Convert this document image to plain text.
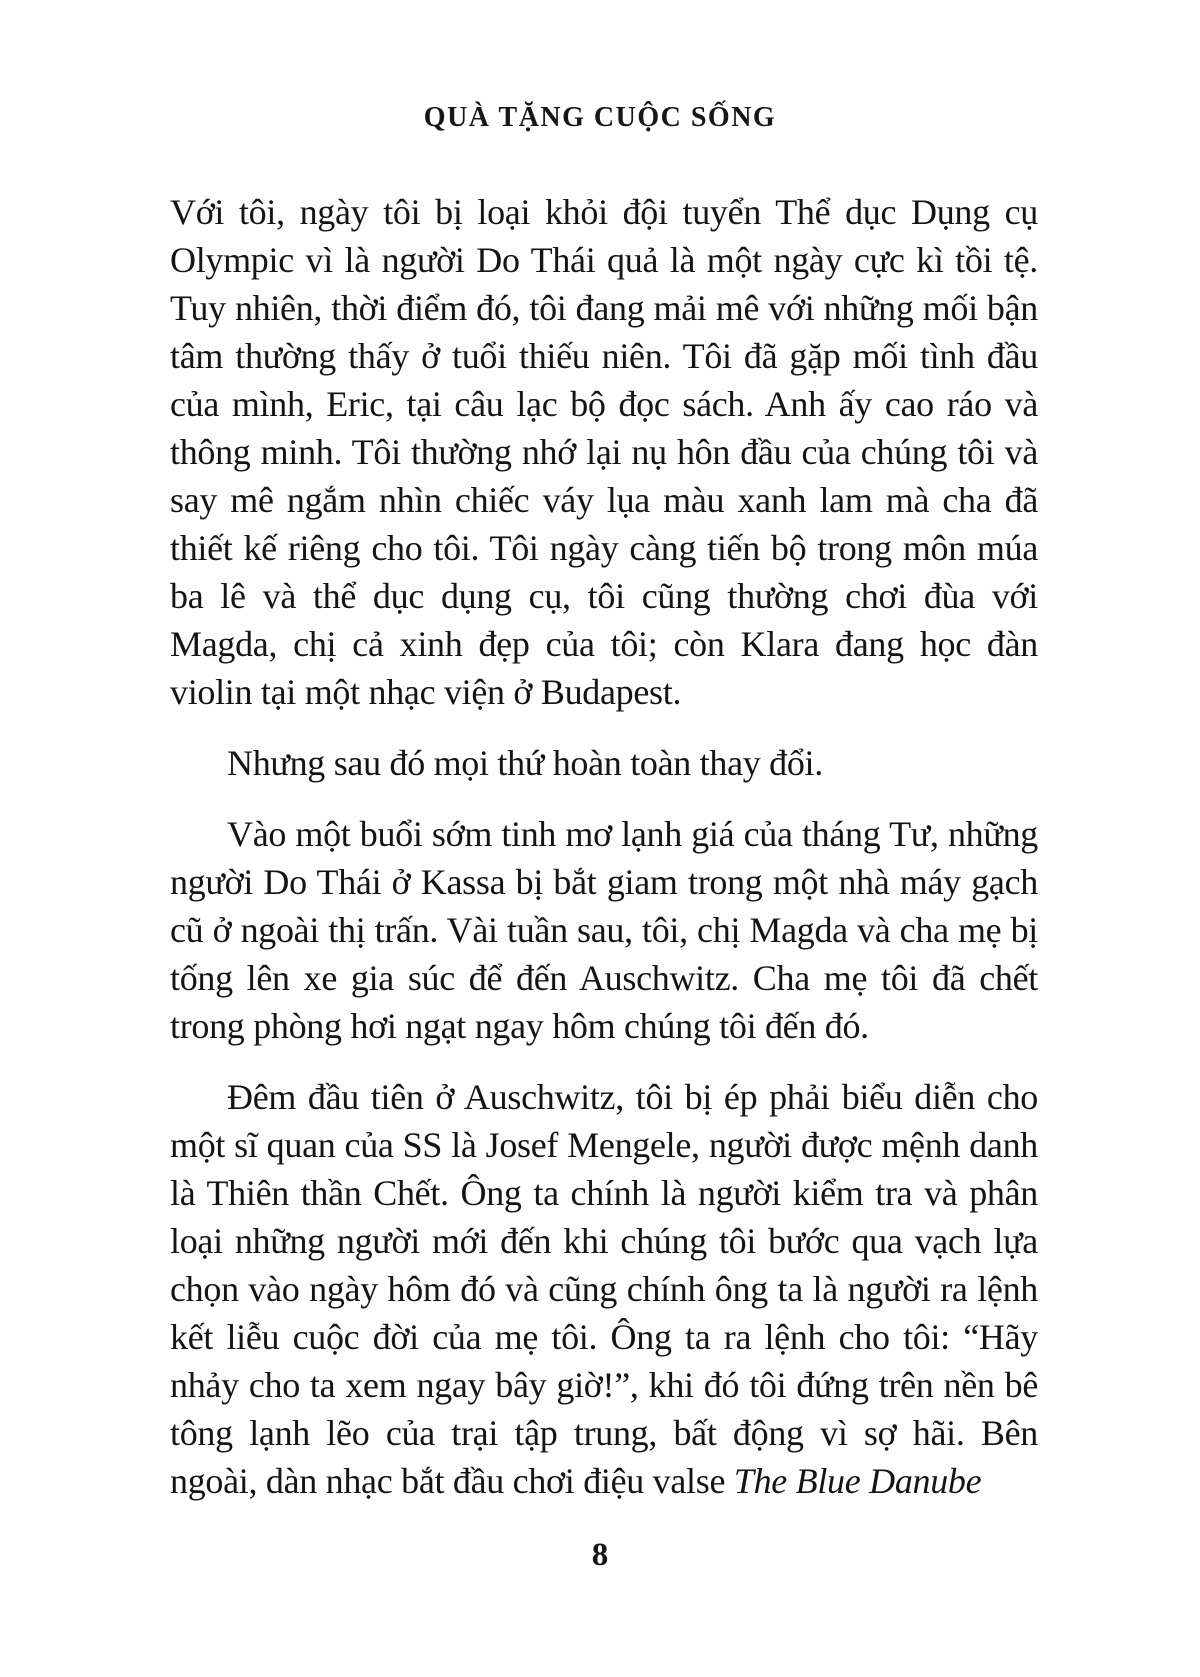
QUÀ TẶNG CUỘC SỐNG

Với tôi, ngày tôi bị loại khỏi đội tuyển Thể dục Dụng cụ Olympic vì là người Do Thái quả là một ngày cực kì tồi tệ. Tuy nhiên, thời điểm đó, tôi đang mải mê với những mối bận tâm thường thấy ở tuổi thiếu niên. Tôi đã gặp mối tình đầu của mình, Eric, tại câu lạc bộ đọc sách. Anh ấy cao ráo và thông minh. Tôi thường nhớ lại nụ hôn đầu của chúng tôi và say mê ngắm nhìn chiếc váy lụa màu xanh lam mà cha đã thiết kế riêng cho tôi. Tôi ngày càng tiến bộ trong môn múa ba lê và thể dục dụng cụ, tôi cũng thường chơi đùa với Magda, chị cả xinh đẹp của tôi; còn Klara đang học đàn violin tại một nhạc viện ở Budapest.

Nhưng sau đó mọi thứ hoàn toàn thay đổi.

Vào một buổi sớm tinh mơ lạnh giá của tháng Tư, những người Do Thái ở Kassa bị bắt giam trong một nhà máy gạch cũ ở ngoài thị trấn. Vài tuần sau, tôi, chị Magda và cha mẹ bị tống lên xe gia súc để đến Auschwitz. Cha mẹ tôi đã chết trong phòng hơi ngạt ngay hôm chúng tôi đến đó.

Đêm đầu tiên ở Auschwitz, tôi bị ép phải biểu diễn cho một sĩ quan của SS là Josef Mengele, người được mệnh danh là Thiên thần Chết. Ông ta chính là người kiểm tra và phân loại những người mới đến khi chúng tôi bước qua vạch lựa chọn vào ngày hôm đó và cũng chính ông ta là người ra lệnh kết liễu cuộc đời của mẹ tôi. Ông ta ra lệnh cho tôi: “Hãy nhảy cho ta xem ngay bây giờ!”, khi đó tôi đứng trên nền bê tông lạnh lẽo của trại tập trung, bất động vì sợ hãi. Bên ngoài, dàn nhạc bắt đầu chơi điệu valse The Blue Danube

8
